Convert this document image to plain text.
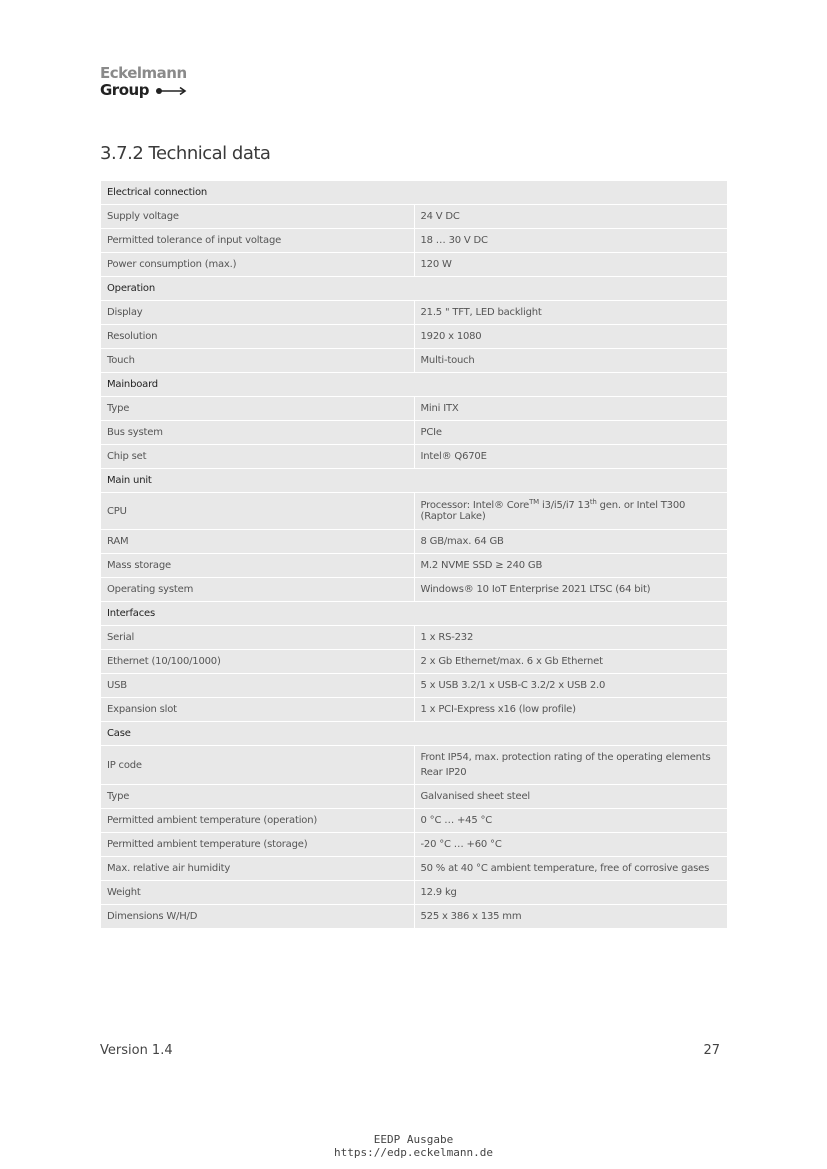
Eckelmann
Group
3.7.2 Technical data
Electrical connection	
Supply voltage	24 V DC
Permitted tolerance of input voltage	18 … 30 V DC
Power consumption (max.)	120 W
Operation	
Display	21.5 " TFT, LED backlight
Resolution	1920 x 1080
Touch	Multi-touch
Mainboard	
Type	Mini ITX
Bus system	PCIe
Chip set	Intel® Q670E
Main unit	
CPU	Processor: Intel® Core™ i3/i5/i7 13th gen. or Intel T300 (Raptor Lake)
RAM	8 GB/max. 64 GB
Mass storage	M.2 NVME SSD ≥ 240 GB
Operating system	Windows® 10 IoT Enterprise 2021 LTSC (64 bit)
Interfaces	
Serial	1 x RS-232
Ethernet (10/100/1000)	2 x Gb Ethernet/max. 6 x Gb Ethernet
USB	5 x USB 3.2/1 x USB-C 3.2/2 x USB 2.0
Expansion slot	1 x PCI-Express x16 (low profile)
Case	
IP code	Front IP54, max. protection rating of the operating elements
Rear IP20

Type	Galvanised sheet steel
Permitted ambient temperature (operation)	0 °C … +45 °C
Permitted ambient temperature (storage)	-20 °C … +60 °C
Max. relative air humidity	50 % at 40 °C ambient temperature, free of corrosive gases
Weight	12.9 kg
Dimensions W/H/D	525 x 386 x 135 mm
Version 1.4	27
EEDP Ausgabe
https://edp.eckelmann.de
